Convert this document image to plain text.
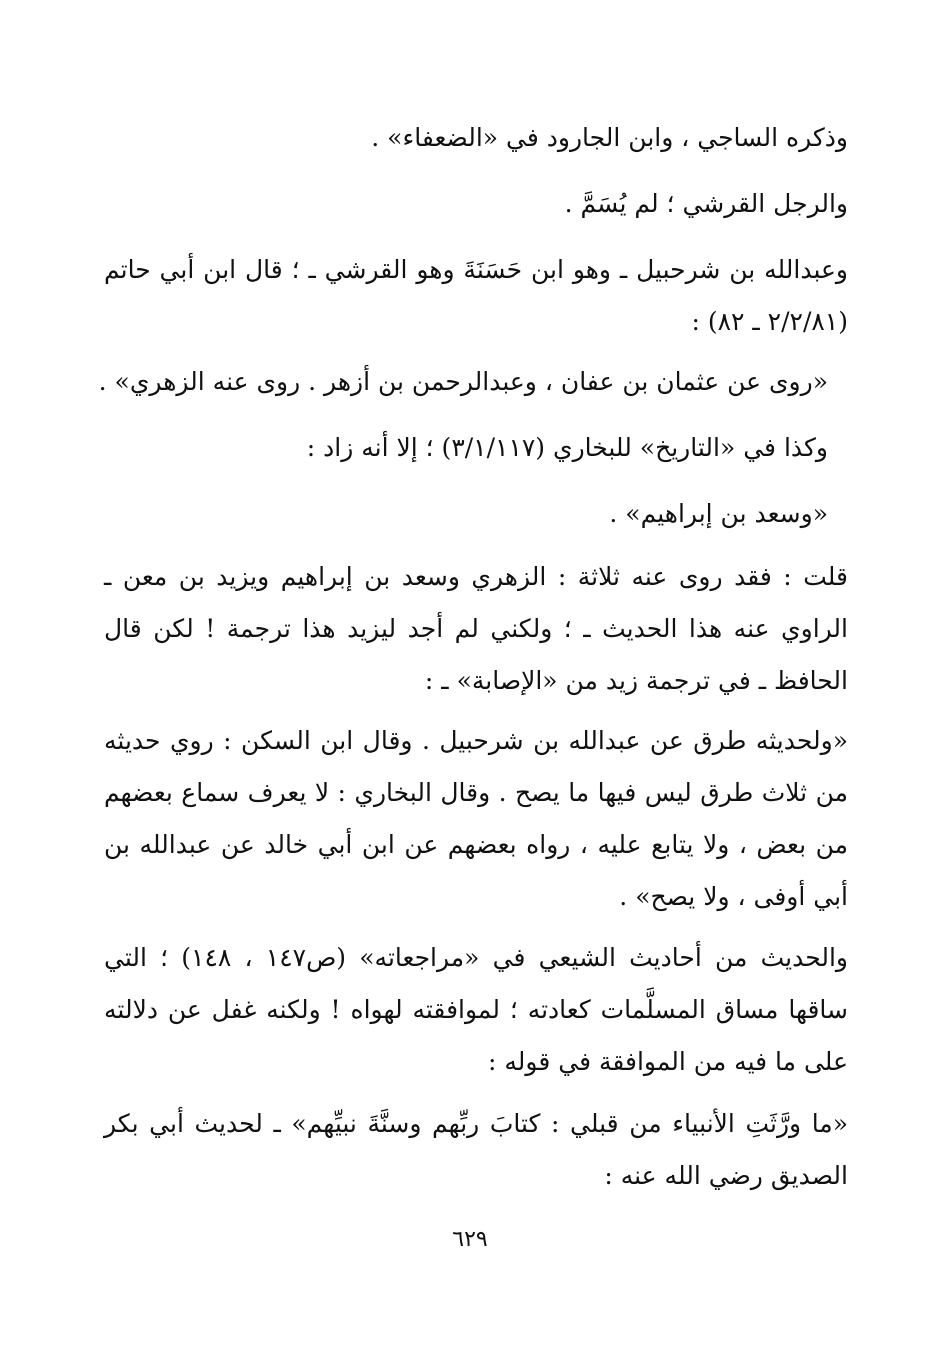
وذكره الساجي ، وابن الجارود في «الضعفاء» .

والرجل القرشي ؛ لم يُسَمَّ .

وعبدالله بن شرحبيل ـ وهو ابن حَسَنَةَ وهو القرشي ـ ؛ قال ابن أبي حاتم (٢/٢/٨١ ـ ٨٢) :

«روى عن عثمان بن عفان ، وعبدالرحمن بن أزهر . روى عنه الزهري» .

وكذا في «التاريخ» للبخاري (٣/١/١١٧) ؛ إلا أنه زاد :

«وسعد بن إبراهيم» .

قلت : فقد روى عنه ثلاثة : الزهري وسعد بن إبراهيم ويزيد بن معن ـ الراوي عنه هذا الحديث ـ ؛ ولكني لم أجد ليزيد هذا ترجمة ! لكن قال الحافظ ـ في ترجمة زيد من «الإصابة» ـ :

«ولحديثه طرق عن عبدالله بن شرحبيل . وقال ابن السكن : روي حديثه من ثلاث طرق ليس فيها ما يصح . وقال البخاري : لا يعرف سماع بعضهم من بعض ، ولا يتابع عليه ، رواه بعضهم عن ابن أبي خالد عن عبدالله بن أبي أوفى ، ولا يصح» .

والحديث من أحاديث الشيعي في «مراجعاته» (ص١٤٧ ، ١٤٨) ؛ التي ساقها مساق المسلَّمات كعادته ؛ لموافقته لهواه ! ولكنه غفل عن دلالته على ما فيه من الموافقة في قوله :

«ما ورَّثَتِ الأنبياء من قبلي : كتابَ ربِّهم وسنَّةَ نبيِّهم» ـ لحديث أبي بكر الصديق رضي الله عنه :

٦٢٩
